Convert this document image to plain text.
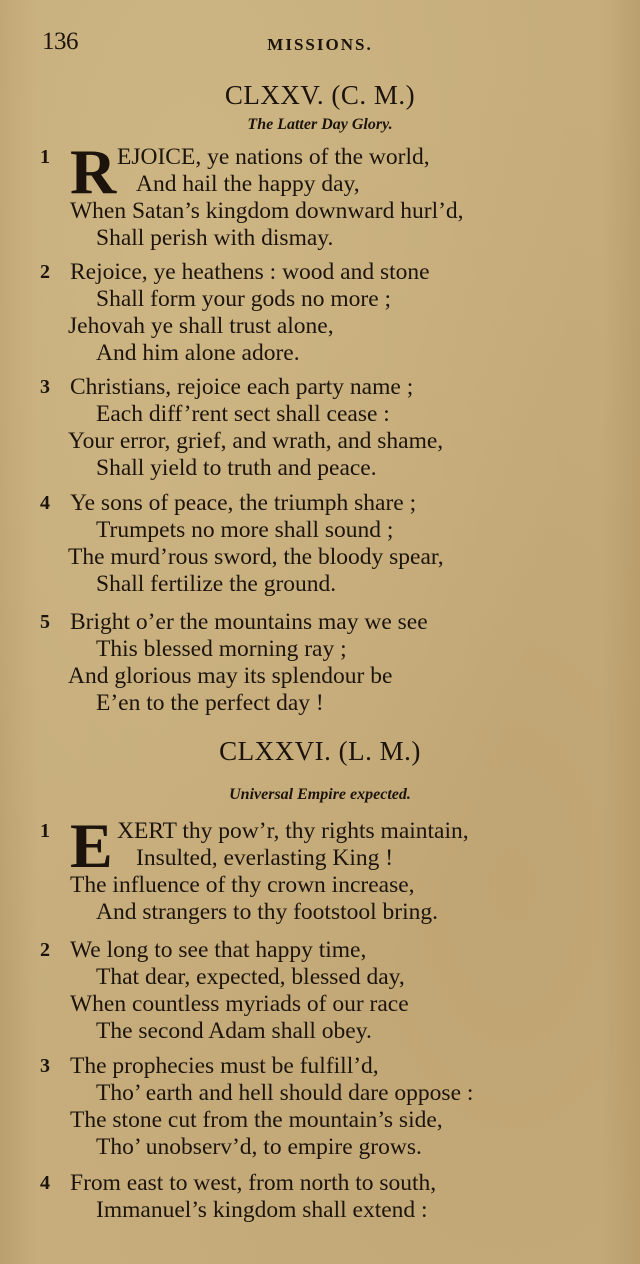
136	MISSIONS.
CLXXV. (C. M.)
The Latter Day Glory.
1 R EJOICE, ye nations of the world,
And hail the happy day,
When Satan’s kingdom downward hurl’d,
Shall perish with dismay.
2 Rejoice, ye heathens : wood and stone
Shall form your gods no more ;
Jehovah ye shall trust alone,
And him alone adore.
3 Christians, rejoice each party name ;
Each diff’rent sect shall cease :
Your error, grief, and wrath, and shame,
Shall yield to truth and peace.
4 Ye sons of peace, the triumph share ;
Trumpets no more shall sound ;
The murd’rous sword, the bloody spear,
Shall fertilize the ground.
5 Bright o’er the mountains may we see
This blessed morning ray ;
And glorious may its splendour be
E’en to the perfect day !
CLXXVI. (L. M.)
Universal Empire expected.
1 E XERT thy pow’r, thy rights maintain,
Insulted, everlasting King !
The influence of thy crown increase,
And strangers to thy footstool bring.
2 We long to see that happy time,
That dear, expected, blessed day,
When countless myriads of our race
The second Adam shall obey.
3 The prophecies must be fulfill’d,
Tho’ earth and hell should dare oppose :
The stone cut from the mountain’s side,
Tho’ unobserv’d, to empire grows.
4 From east to west, from north to south,
Immanuel’s kingdom shall extend :
